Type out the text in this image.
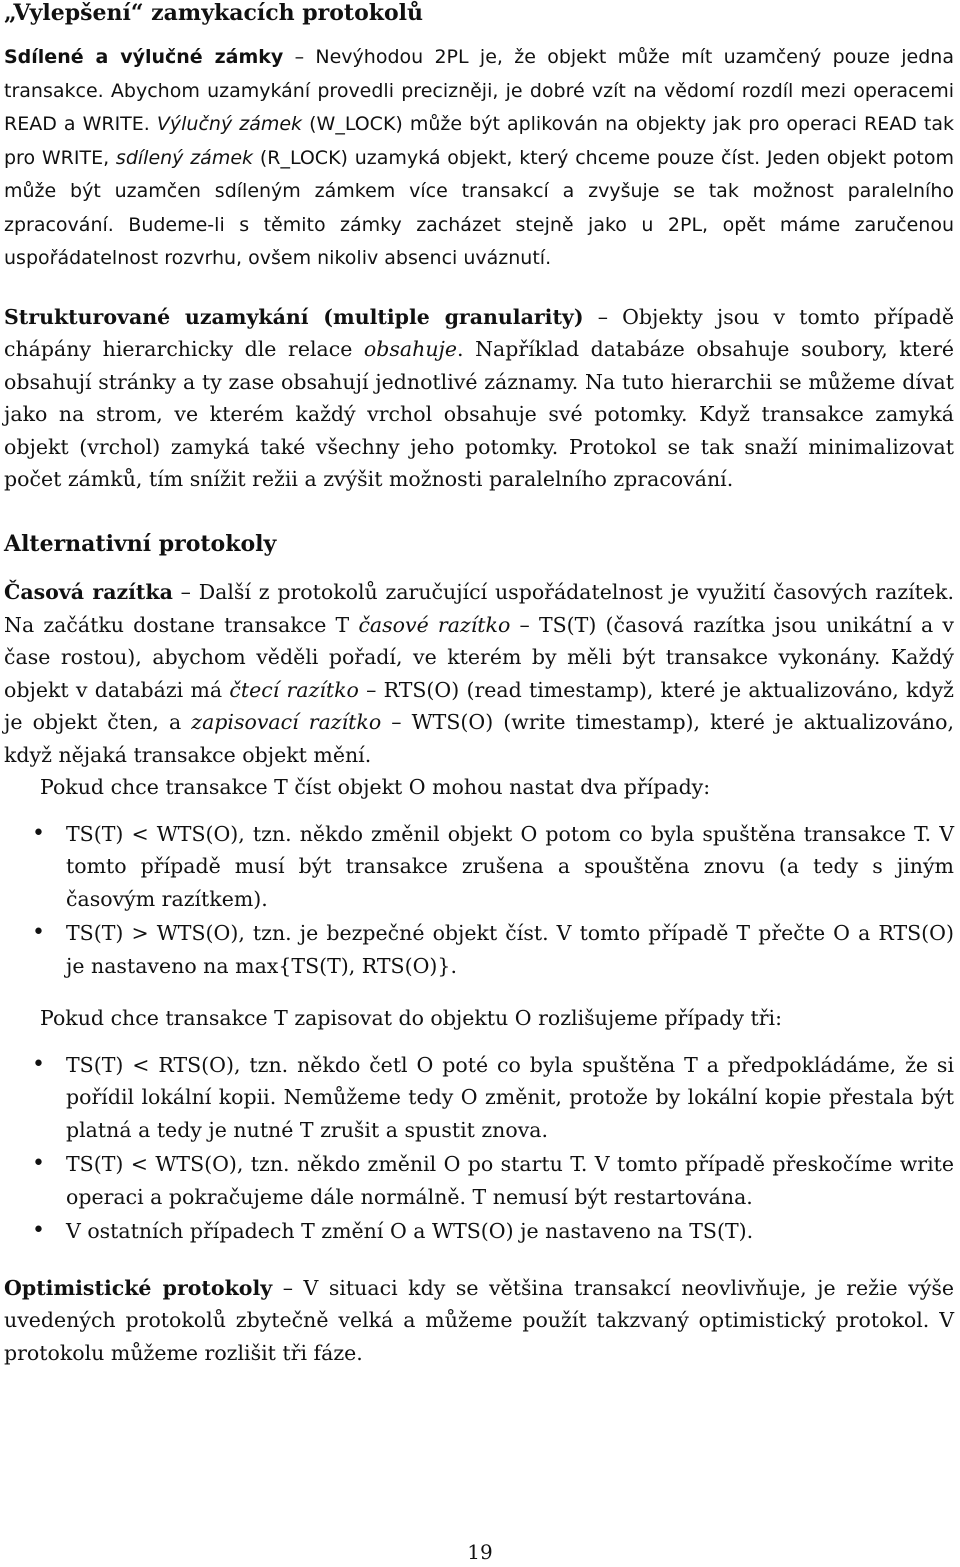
„Vylepšení“ zamykacích protokolů

Sdílené a výlučné zámky – Nevýhodou 2PL je, že objekt může mít uzamčený pouze jedna transakce. Abychom uzamykání provedli precizněji, je dobré vzít na vědomí rozdíl mezi operacemi READ a WRITE. Výlučný zámek (W_LOCK) může být aplikován na objekty jak pro operaci READ tak pro WRITE, sdílený zámek (R_LOCK) uzamyká objekt, který chceme pouze číst. Jeden objekt potom může být uzamčen sdíleným zámkem více transakcí a zvyšuje se tak možnost paralelního zpracování. Budeme-li s těmito zámky zacházet stejně jako u 2PL, opět máme zaručenou uspořádatelnost rozvrhu, ovšem nikoliv absenci uváznutí.

Strukturované uzamykání (multiple granularity) – Objekty jsou v tomto případě chápány hierarchicky dle relace obsahuje. Například databáze obsahuje soubory, které obsahují stránky a ty zase obsahují jednotlivé záznamy. Na tuto hierarchii se můžeme dívat jako na strom, ve kterém každý vrchol obsahuje své potomky. Když transakce zamyká objekt (vrchol) zamyká také všechny jeho potomky. Protokol se tak snaží minimalizovat počet zámků, tím snížit režii a zvýšit možnosti paralelního zpracování.

Alternativní protokoly

Časová razítka – Další z protokolů zaručující uspořádatelnost je využití časových razítek. Na začátku dostane transakce T časové razítko – TS(T) (časová razítka jsou unikátní a v čase rostou), abychom věděli pořadí, ve kterém by měli být transakce vykonány. Každý objekt v databázi má čtecí razítko – RTS(O) (read timestamp), které je aktualizováno, když je objekt čten, a zapisovací razítko – WTS(O) (write timestamp), které je aktualizováno, když nějaká transakce objekt mění.

Pokud chce transakce T číst objekt O mohou nastat dva případy:

• TS(T) < WTS(O), tzn. někdo změnil objekt O potom co byla spuštěna transakce T. V tomto případě musí být transakce zrušena a spouštěna znovu (a tedy s jiným časovým razítkem).
• TS(T) > WTS(O), tzn. je bezpečné objekt číst. V tomto případě T přečte O a RTS(O) je nastaveno na max{TS(T), RTS(O)}.

Pokud chce transakce T zapisovat do objektu O rozlišujeme případy tři:

• TS(T) < RTS(O), tzn. někdo četl O poté co byla spuštěna T a předpokládáme, že si pořídil lokální kopii. Nemůžeme tedy O změnit, protože by lokální kopie přestala být platná a tedy je nutné T zrušit a spustit znova.
• TS(T) < WTS(O), tzn. někdo změnil O po startu T. V tomto případě přeskočíme write operaci a pokračujeme dále normálně. T nemusí být restartována.
• V ostatních případech T změní O a WTS(O) je nastaveno na TS(T).

Optimistické protokoly – V situaci kdy se většina transakcí neovlivňuje, je režie výše uvedených protokolů zbytečně velká a můžeme použít takzvaný optimistický protokol. V protokolu můžeme rozlišit tři fáze.

19
